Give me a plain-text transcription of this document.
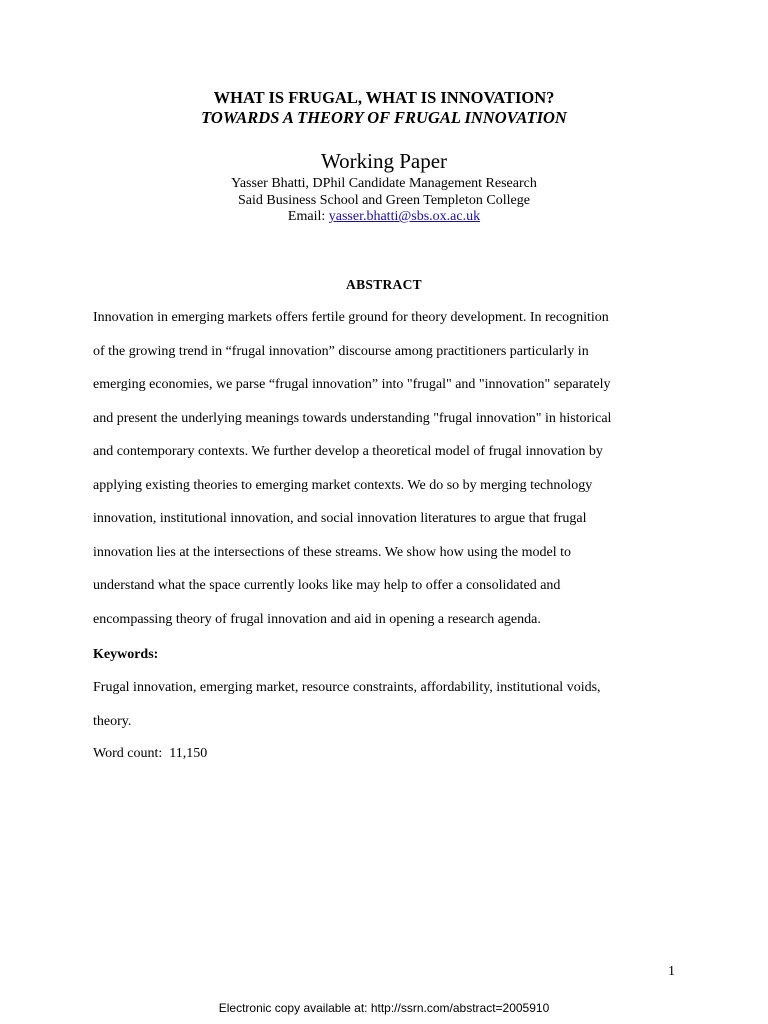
WHAT IS FRUGAL, WHAT IS INNOVATION?
TOWARDS A THEORY OF FRUGAL INNOVATION
Working Paper
Yasser Bhatti, DPhil Candidate Management Research
Said Business School and Green Templeton College
Email: yasser.bhatti@sbs.ox.ac.uk
ABSTRACT
Innovation in emerging markets offers fertile ground for theory development. In recognition
of the growing trend in “frugal innovation” discourse among practitioners particularly in
emerging economies, we parse “frugal innovation” into "frugal" and "innovation" separately
and present the underlying meanings towards understanding "frugal innovation" in historical
and contemporary contexts. We further develop a theoretical model of frugal innovation by
applying existing theories to emerging market contexts. We do so by merging technology
innovation, institutional innovation, and social innovation literatures to argue that frugal
innovation lies at the intersections of these streams. We show how using the model to
understand what the space currently looks like may help to offer a consolidated and
encompassing theory of frugal innovation and aid in opening a research agenda.
Keywords:
Frugal innovation, emerging market, resource constraints, affordability, institutional voids,
theory.
Word count:  11,150
1
Electronic copy available at: http://ssrn.com/abstract=2005910
